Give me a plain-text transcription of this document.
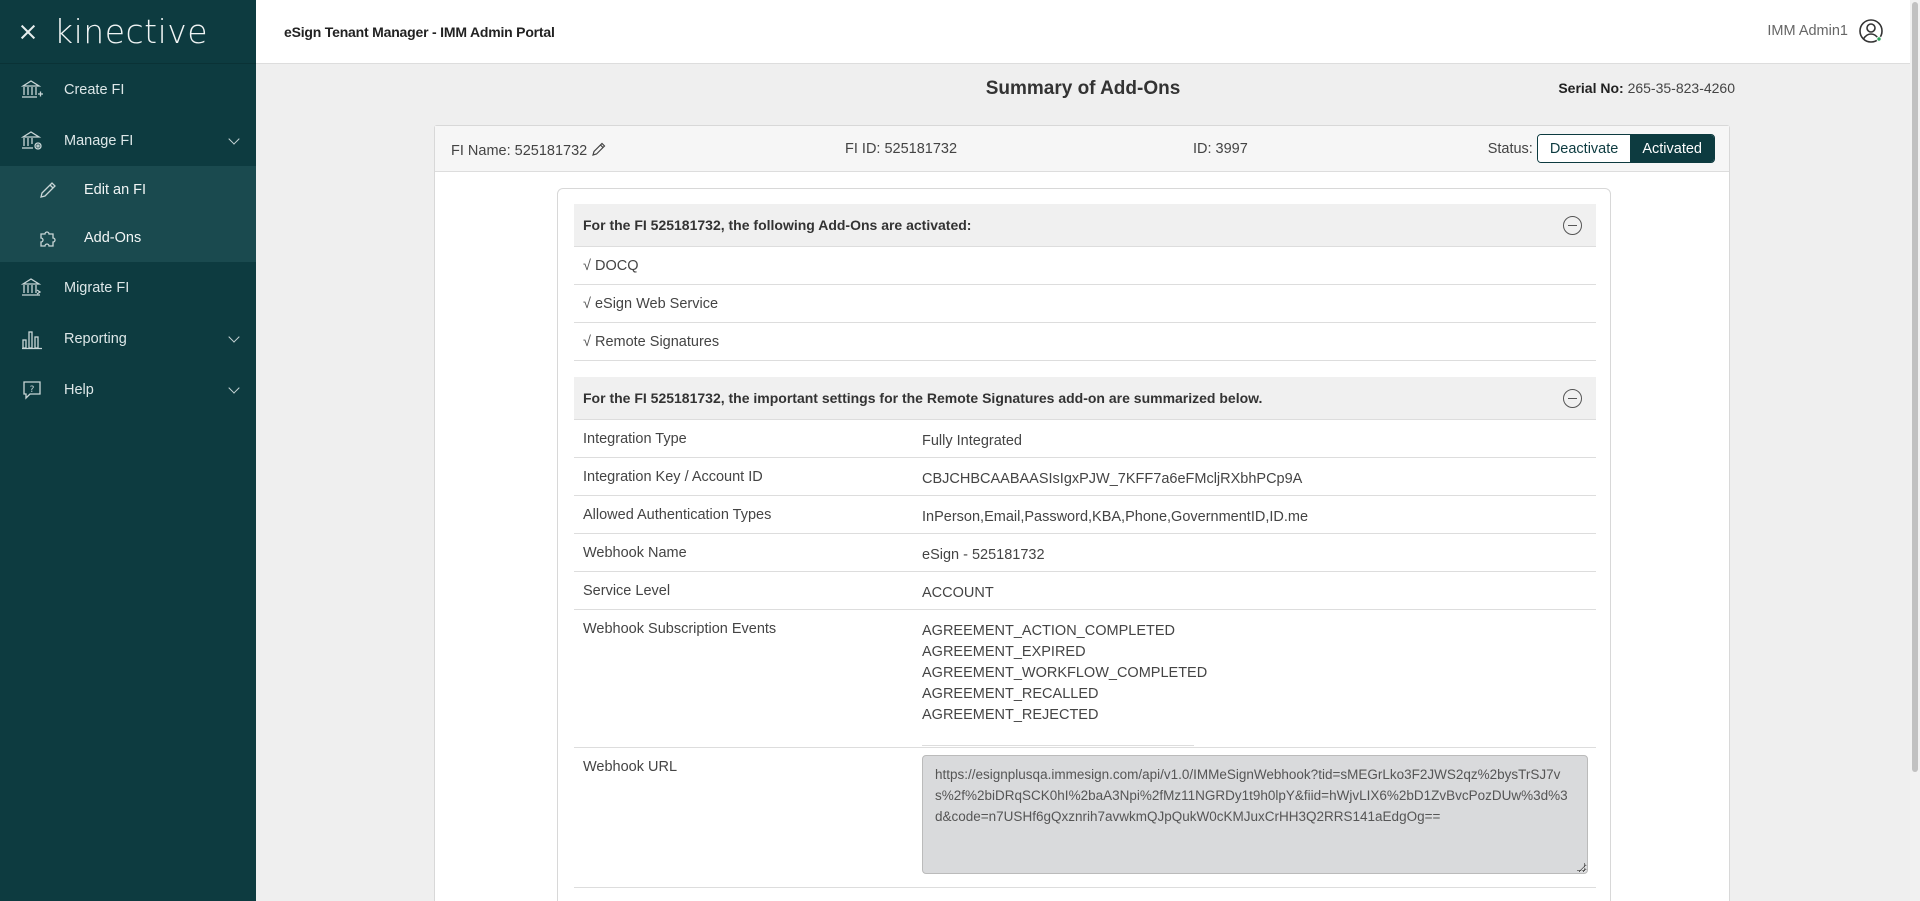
kinective
Create FI
Manage FI
Edit an FI
Add-Ons
Migrate FI
Reporting
? Help
eSign Tenant Manager - IMM Admin Portal	IMM Admin1
Summary of Add-Ons	Serial No: 265-35-823-4260
FI Name: 525181732	FI ID: 525181732	ID: 3997	Status:	Deactivate	Activated
For the FI 525181732, the following Add-Ons are activated:
√ DOCQ
√ eSign Web Service
√ Remote Signatures
For the FI 525181732, the important settings for the Remote Signatures add-on are summarized below.
Integration Type	Fully Integrated
Integration Key / Account ID	CBJCHBCAABAASIsIgxPJW_7KFF7a6eFMcljRXbhPCp9A
Allowed Authentication Types	InPerson,Email,Password,KBA,Phone,GovernmentID,ID.me
Webhook Name	eSign - 525181732
Service Level	ACCOUNT
Webhook Subscription Events	AGREEMENT_ACTION_COMPLETED
AGREEMENT_EXPIRED
AGREEMENT_WORKFLOW_COMPLETED
AGREEMENT_RECALLED
AGREEMENT_REJECTED
Webhook URL	https://esignplusqa.immesign.com/api/v1.0/IMMeSignWebhook?tid=sMEGrLko3F2JWS2qz%2bysTrSJ7vs%2f%2biDRqSCK0hI%2baA3Npi%2fMz11NGRDy1t9h0lpY&fiid=hWjvLIX6%2bD1ZvBvcPozDUw%3d%3d&code=n7USHf6gQxznrih7avwkmQJpQukW0cKMJuxCrHH3Q2RRS141aEdgOg==
